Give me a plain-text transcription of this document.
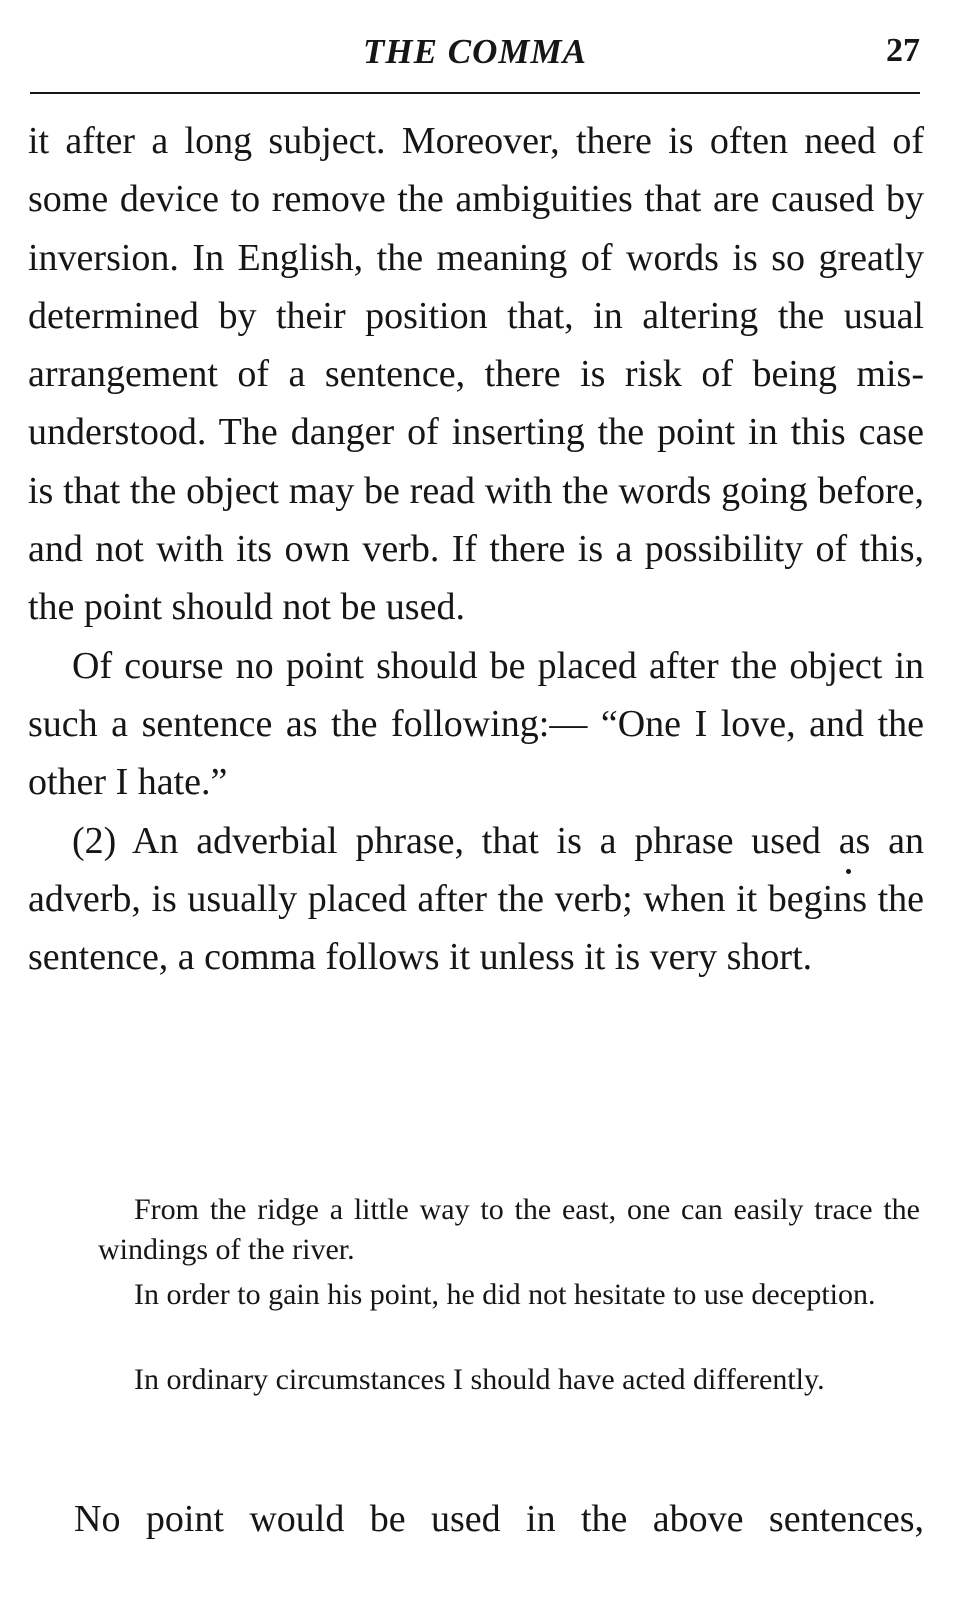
THE COMMA	27

it after a long subject. Moreover, there is often need of some device to remove the ambiguities that are caused by inversion. In English, the meaning of words is so greatly determined by their position that, in altering the usual arrangement of a sentence, there is risk of being misunderstood. The danger of inserting the point in this case is that the object may be read with the words going before, and not with its own verb. If there is a possibility of this, the point should not be used.

Of course no point should be placed after the object in such a sentence as the following:— “One I love, and the other I hate.”

(2) An adverbial phrase, that is a phrase used as an adverb, is usually placed after the verb; when it begins the sentence, a comma follows it unless it is very short.

From the ridge a little way to the east, one can easily trace the windings of the river.

In order to gain his point, he did not hesitate to use deception.

In ordinary circumstances I should have acted differently.

No point would be used in the above sentences,
